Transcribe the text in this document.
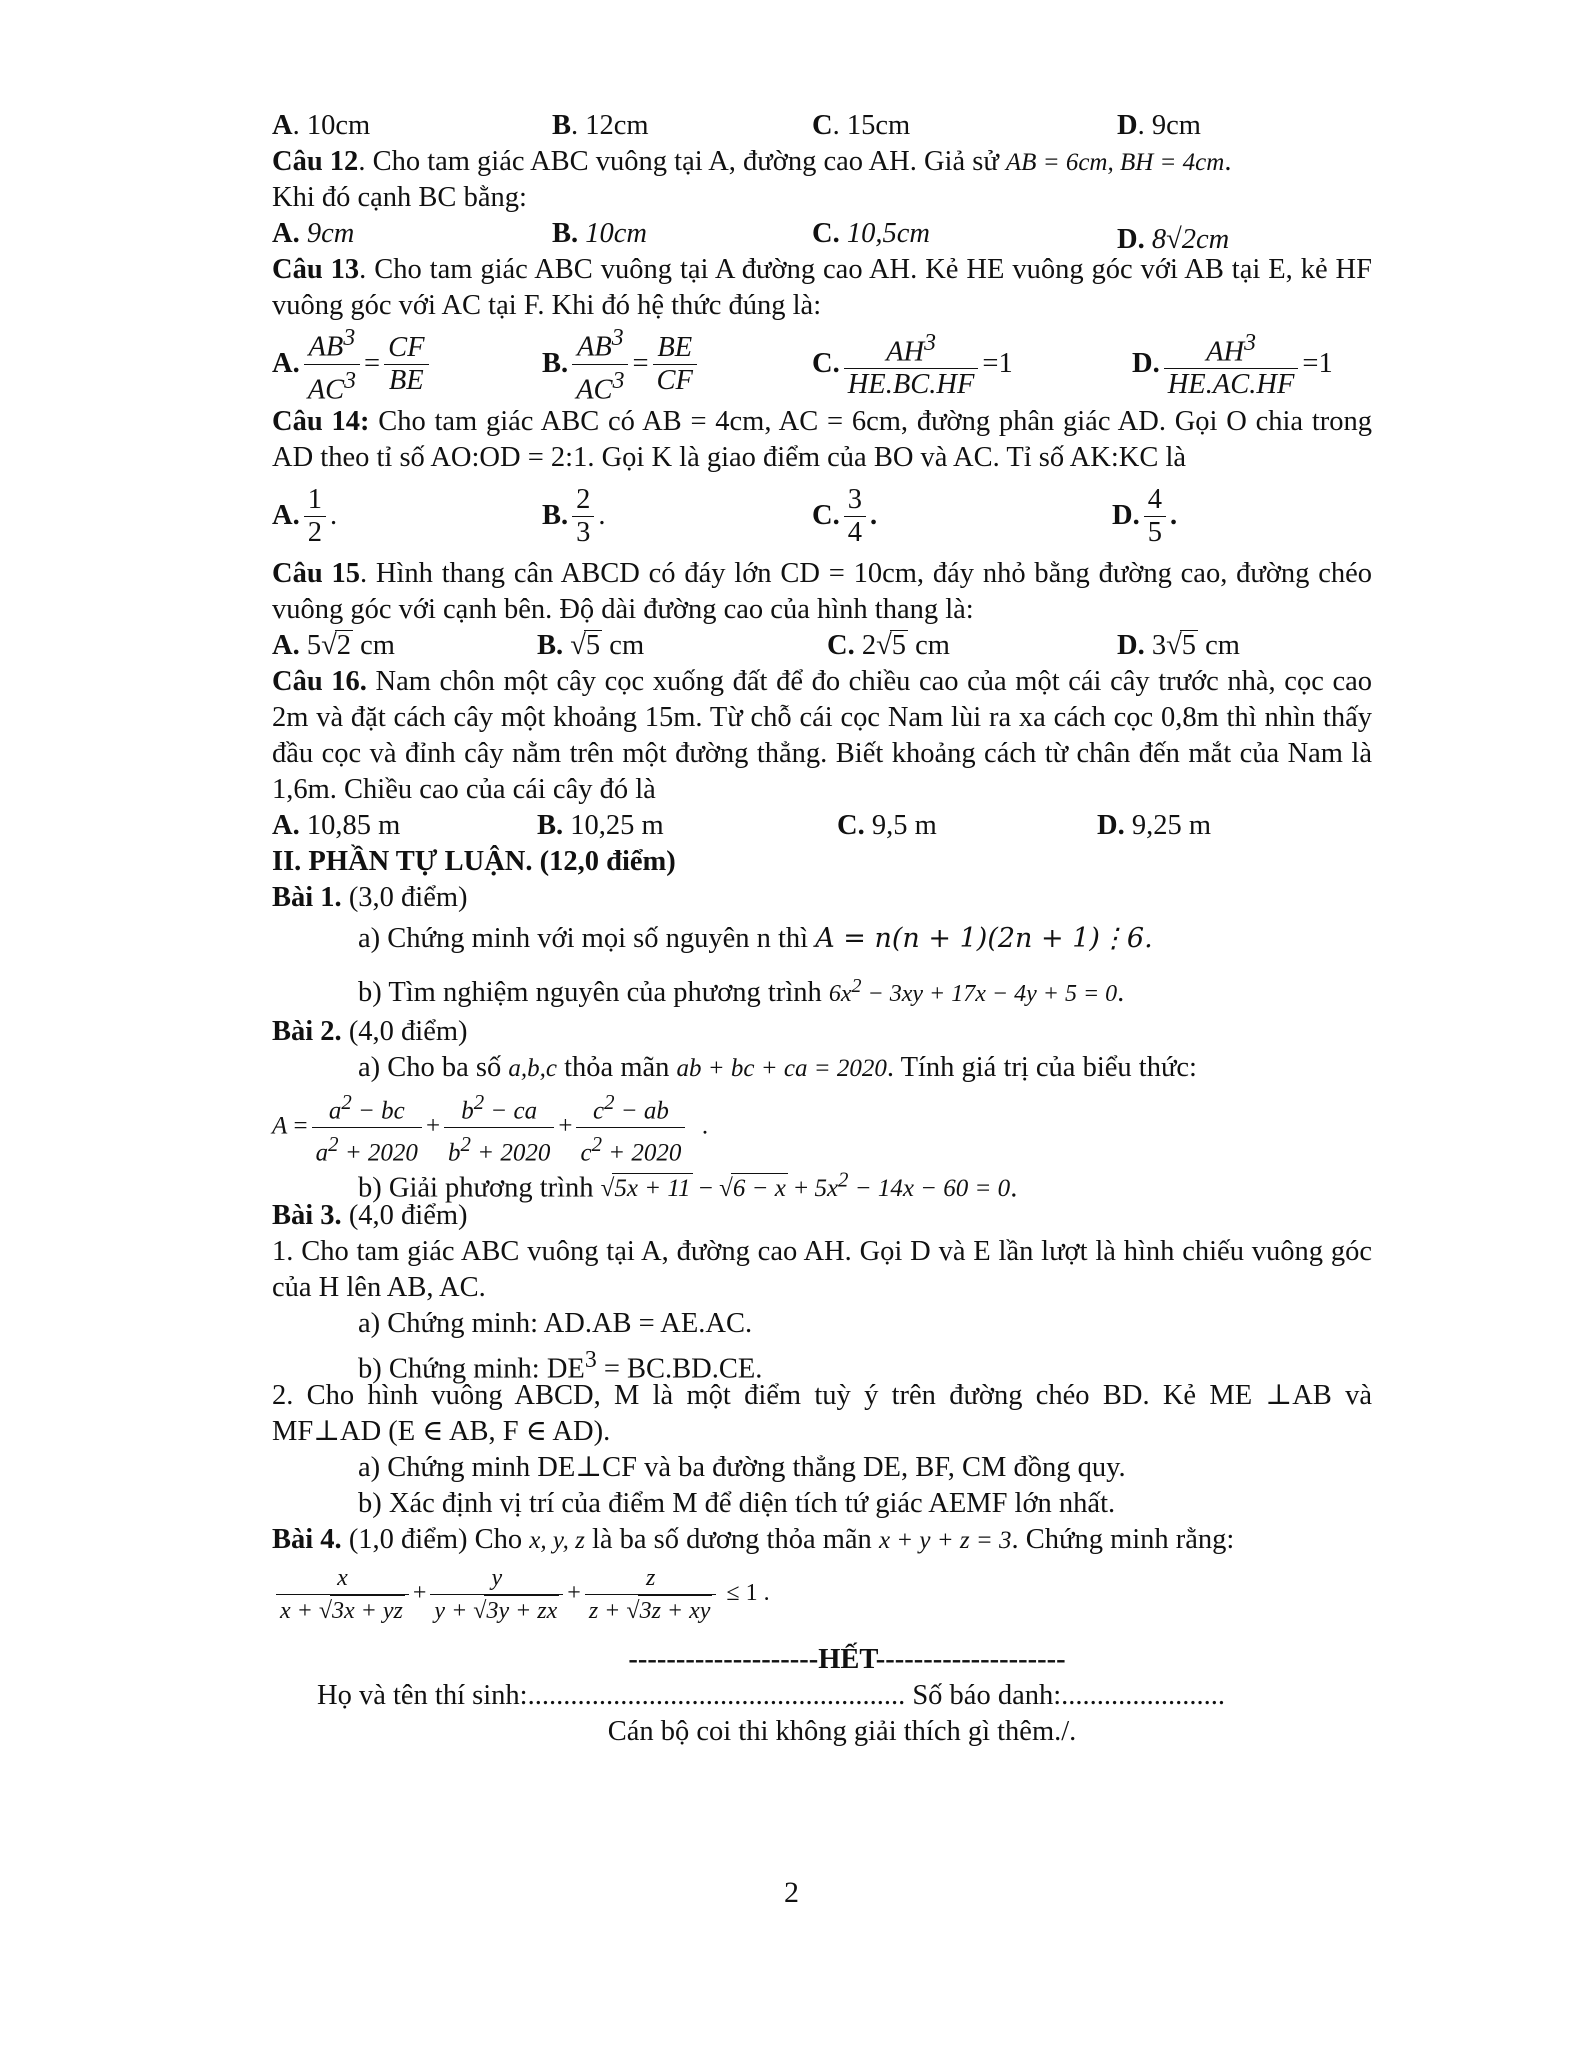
A. 10cm	B. 12cm	C. 15cm	D. 9cm
Câu 12. Cho tam giác ABC vuông tại A, đường cao AH. Giả sử AB = 6cm, BH = 4cm.
Khi đó cạnh BC bằng:
A. 9cm	B. 10cm	C. 10,5cm	D. 8√2cm
Câu 13. Cho tam giác ABC vuông tại A đường cao AH. Kẻ HE vuông góc với AB tại E, kẻ HF vuông góc với AC tại F. Khi đó hệ thức đúng là:
A. $\frac{AB^3}{AC^3} = \frac{CF}{BE}$	B. $\frac{AB^3}{AC^3} = \frac{BE}{CF}$	C. $\frac{AH^3}{HE.BC.HF} =1$	D. $\frac{AH^3}{HE.AC.HF} =1$
Câu 14: Cho tam giác ABC có AB = 4cm, AC = 6cm, đường phân giác AD. Gọi O chia trong AD theo tỉ số AO:OD = 2:1. Gọi K là giao điểm của BO và AC. Tỉ số AK:KC là
A. $\frac{1}{2}$ .	B. $\frac{2}{3}$ .	C. $\frac{3}{4}$ .	D. $\frac{4}{5}$ .
Câu 15. Hình thang cân ABCD có đáy lớn CD = 10cm, đáy nhỏ bằng đường cao, đường chéo vuông góc với cạnh bên. Độ dài đường cao của hình thang là:
A. 5√2 cm	B. √5 cm	C. 2√5 cm	D. 3√5 cm
Câu 16. Nam chôn một cây cọc xuống đất để đo chiều cao của một cái cây trước nhà, cọc cao 2m và đặt cách cây một khoảng 15m. Từ chỗ cái cọc Nam lùi ra xa cách cọc 0,8m thì nhìn thấy đầu cọc và đỉnh cây nằm trên một đường thẳng. Biết khoảng cách từ chân đến mắt của Nam là 1,6m. Chiều cao của cái cây đó là
A. 10,85 m	B. 10,25 m	C. 9,5 m	D. 9,25 m
II. PHẦN TỰ LUẬN. (12,0 điểm)
Bài 1. (3,0 điểm)
a) Chứng minh với mọi số nguyên n thì A = n(n + 1)(2n + 1)⋮6.
b) Tìm nghiệm nguyên của phương trình $6x^2 - 3xy + 17x - 4y + 5 = 0$.
Bài 2. (4,0 điểm)
a) Cho ba số a,b,c thỏa mãn ab + bc + ca = 2020. Tính giá trị của biểu thức:
$A = \frac{a^2 - bc}{a^2 + 2020} + \frac{b^2 - ca}{b^2 + 2020} + \frac{c^2 - ab}{c^2 + 2020}$ .
b) Giải phương trình $√5x + 11 - √6 - x + 5x^2 - 14x - 60 = 0$.
Bài 3. (4,0 điểm)
1. Cho tam giác ABC vuông tại A, đường cao AH. Gọi D và E lần lượt là hình chiếu vuông góc của H lên AB, AC.
a) Chứng minh: AD.AB = AE.AC.
b) Chứng minh: $DE^3 = BC.BD.CE$.
2. Cho hình vuông ABCD, M là một điểm tuỳ ý trên đường chéo BD. Kẻ ME ⊥AB và MF⊥AD (E ∈ AB, F ∈ AD).
a) Chứng minh DE⊥CF và ba đường thẳng DE, BF, CM đồng quy.
b) Xác định vị trí của điểm M để diện tích tứ giác AEMF lớn nhất.
Bài 4. (1,0 điểm) Cho x, y, z là ba số dương thỏa mãn x + y + z = 3. Chứng minh rằng:
$\frac{x}{x + √3x + yz} + \frac{y}{y + √3y + zx} + \frac{z}{z + √3z + xy} \le 1$ .
--------------------HẾT--------------------
Họ và tên thí sinh:..................................................... Số báo danh:.......................
Cán bộ coi thi không giải thích gì thêm./.
2
